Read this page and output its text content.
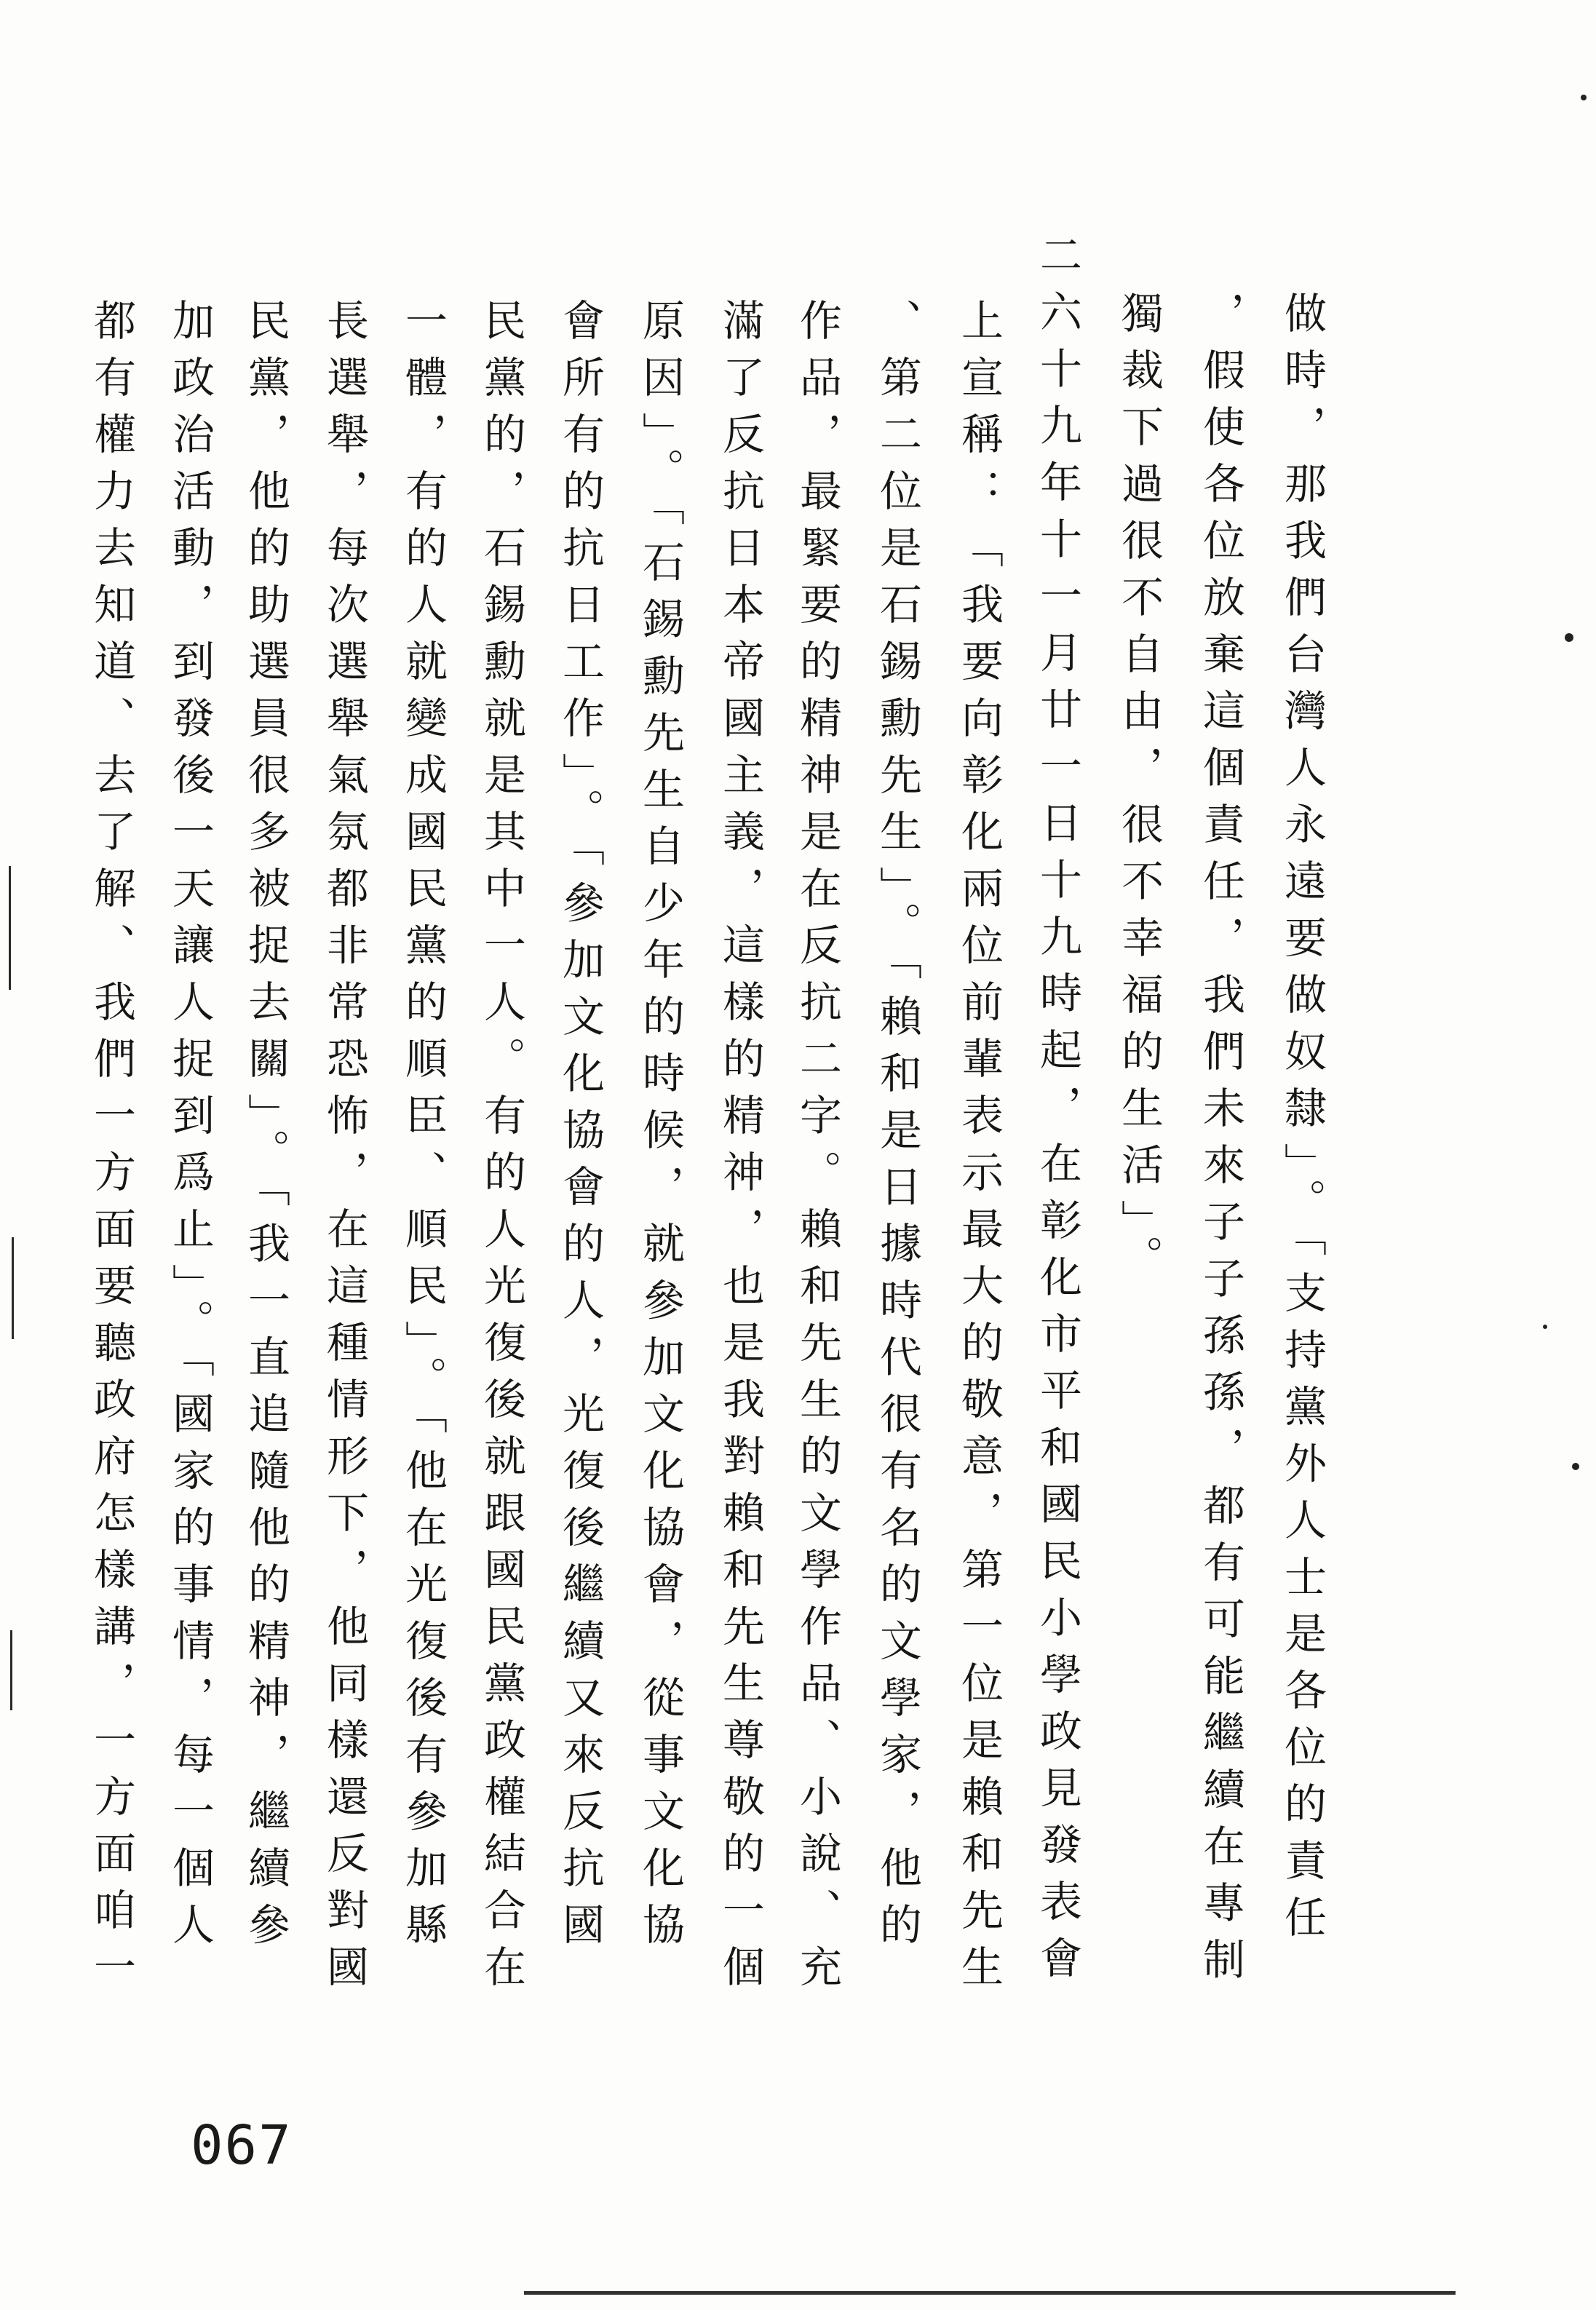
做時，那我們台灣人永遠要做奴隸」。「支持黨外人士是各位的責任
，假使各位放棄這個責任，我們未來子子孫孫，都有可能繼續在專制
獨裁下過很不自由，很不幸福的生活」。
二六十九年十一月廿一日十九時起，在彰化市平和國民小學政見發表會
上宣稱：「我要向彰化兩位前輩表示最大的敬意，第一位是賴和先生
、第二位是石錫勳先生」。「賴和是日據時代很有名的文學家，他的
作品，最緊要的精神是在反抗二字。賴和先生的文學作品、小說、充
滿了反抗日本帝國主義，這樣的精神，也是我對賴和先生尊敬的一個
原因」。「石錫勳先生自少年的時候，就參加文化協會，從事文化協
會所有的抗日工作」。「參加文化協會的人，光復後繼續又來反抗國
民黨的，石錫勳就是其中一人。有的人光復後就跟國民黨政權結合在
一體，有的人就變成國民黨的順臣、順民」。「他在光復後有參加縣
長選舉，每次選舉氣氛都非常恐怖，在這種情形下，他同樣還反對國
民黨，他的助選員很多被捉去關」。「我一直追隨他的精神，繼續參
加政治活動，到發後一天讓人捉到爲止」。「國家的事情，每一個人
都有權力去知道、去了解、我們一方面要聽政府怎樣講，一方面咱一
067
